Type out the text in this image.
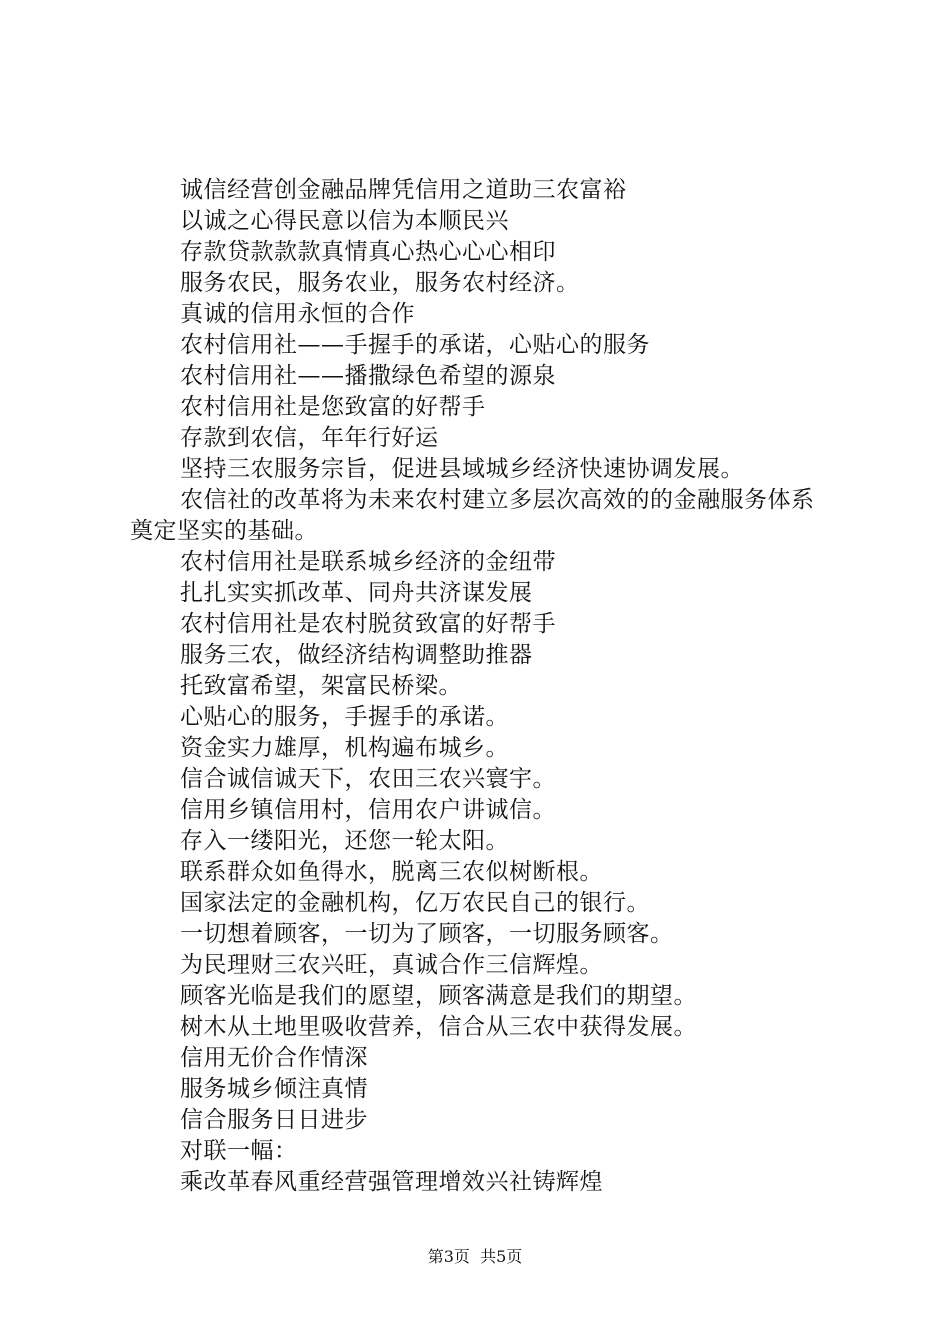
诚信经营创金融品牌凭信用之道助三农富裕
以诚之心得民意以信为本顺民兴
存款贷款款款真情真心热心心心相印
服务农民，服务农业，服务农村经济。
真诚的信用永恒的合作
农村信用社——手握手的承诺，心贴心的服务
农村信用社——播撒绿色希望的源泉
农村信用社是您致富的好帮手
存款到农信，年年行好运
坚持三农服务宗旨，促进县域城乡经济快速协调发展。
农信社的改革将为未来农村建立多层次高效的的金融服务体系奠定坚实的基础。
农村信用社是联系城乡经济的金纽带
扎扎实实抓改革、同舟共济谋发展
农村信用社是农村脱贫致富的好帮手
服务三农，做经济结构调整助推器
托致富希望，架富民桥梁。
心贴心的服务，手握手的承诺。
资金实力雄厚，机构遍布城乡。
信合诚信诚天下，农田三农兴寰宇。
信用乡镇信用村，信用农户讲诚信。
存入一缕阳光，还您一轮太阳。
联系群众如鱼得水，脱离三农似树断根。
国家法定的金融机构，亿万农民自己的银行。
一切想着顾客，一切为了顾客，一切服务顾客。
为民理财三农兴旺，真诚合作三信辉煌。
顾客光临是我们的愿望，顾客满意是我们的期望。
树木从土地里吸收营养，信合从三农中获得发展。
信用无价合作情深
服务城乡倾注真情
信合服务日日进步
对联一幅：
乘改革春风重经营强管理增效兴社铸辉煌
第3页  共5页
